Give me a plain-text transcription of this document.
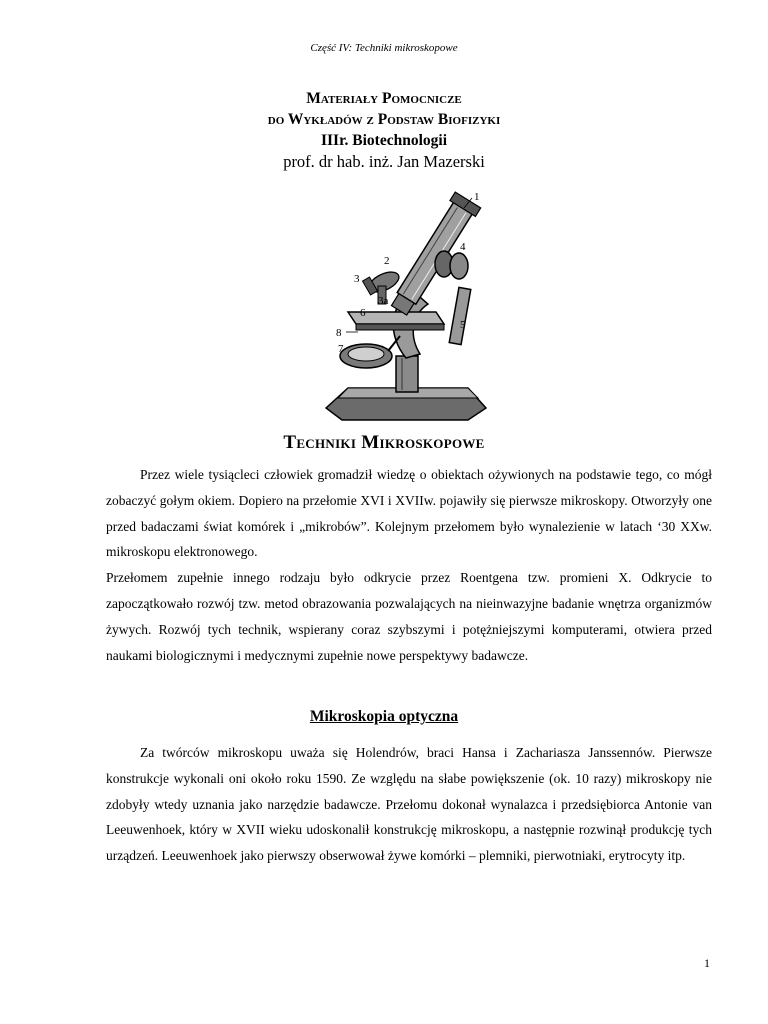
Część IV: Techniki mikroskopowe
Materiały Pomocnicze
do Wykładów z Podstaw Biofizyki
IIIr. Biotechnologii
prof. dr hab. inż. Jan Mazerski
1
2
3
3a
4
5
6
7
8
Techniki Mikroskopowe

Przez wiele tysiącleci człowiek gromadził wiedzę o obiektach ożywionych na podstawie tego, co mógł zobaczyć gołym okiem. Dopiero na przełomie XVI i XVIIw. pojawiły się pierwsze mikroskopy. Otworzyły one przed badaczami świat komórek i „mikrobów”. Kolejnym przełomem było wynalezienie w latach ‘30 XXw. mikroskopu elektronowego.

Przełomem zupełnie innego rodzaju było odkrycie przez Roentgena tzw. promieni X. Odkrycie to zapoczątkowało rozwój tzw. metod obrazowania pozwalających na nieinwazyjne badanie wnętrza organizmów żywych. Rozwój tych technik, wspierany coraz szybszymi i potężniejszymi komputerami, otwiera przed naukami biologicznymi i medycznymi zupełnie nowe perspektywy badawcze.

Mikroskopia optyczna

Za twórców mikroskopu uważa się Holendrów, braci Hansa i Zachariasza Janssennów. Pierwsze konstrukcje wykonali oni około roku 1590. Ze względu na słabe powiększenie (ok. 10 razy) mikroskopy nie zdobyły wtedy uznania jako narzędzie badawcze. Przełomu dokonał wynalazca i przedsiębiorca Antonie van Leeuwenhoek, który w XVII wieku udoskonalił konstrukcję mikroskopu, a następnie rozwinął produkcję tych urządzeń. Leeuwenhoek jako pierwszy obserwował żywe komórki – plemniki, pierwotniaki, erytrocyty itp.

1
